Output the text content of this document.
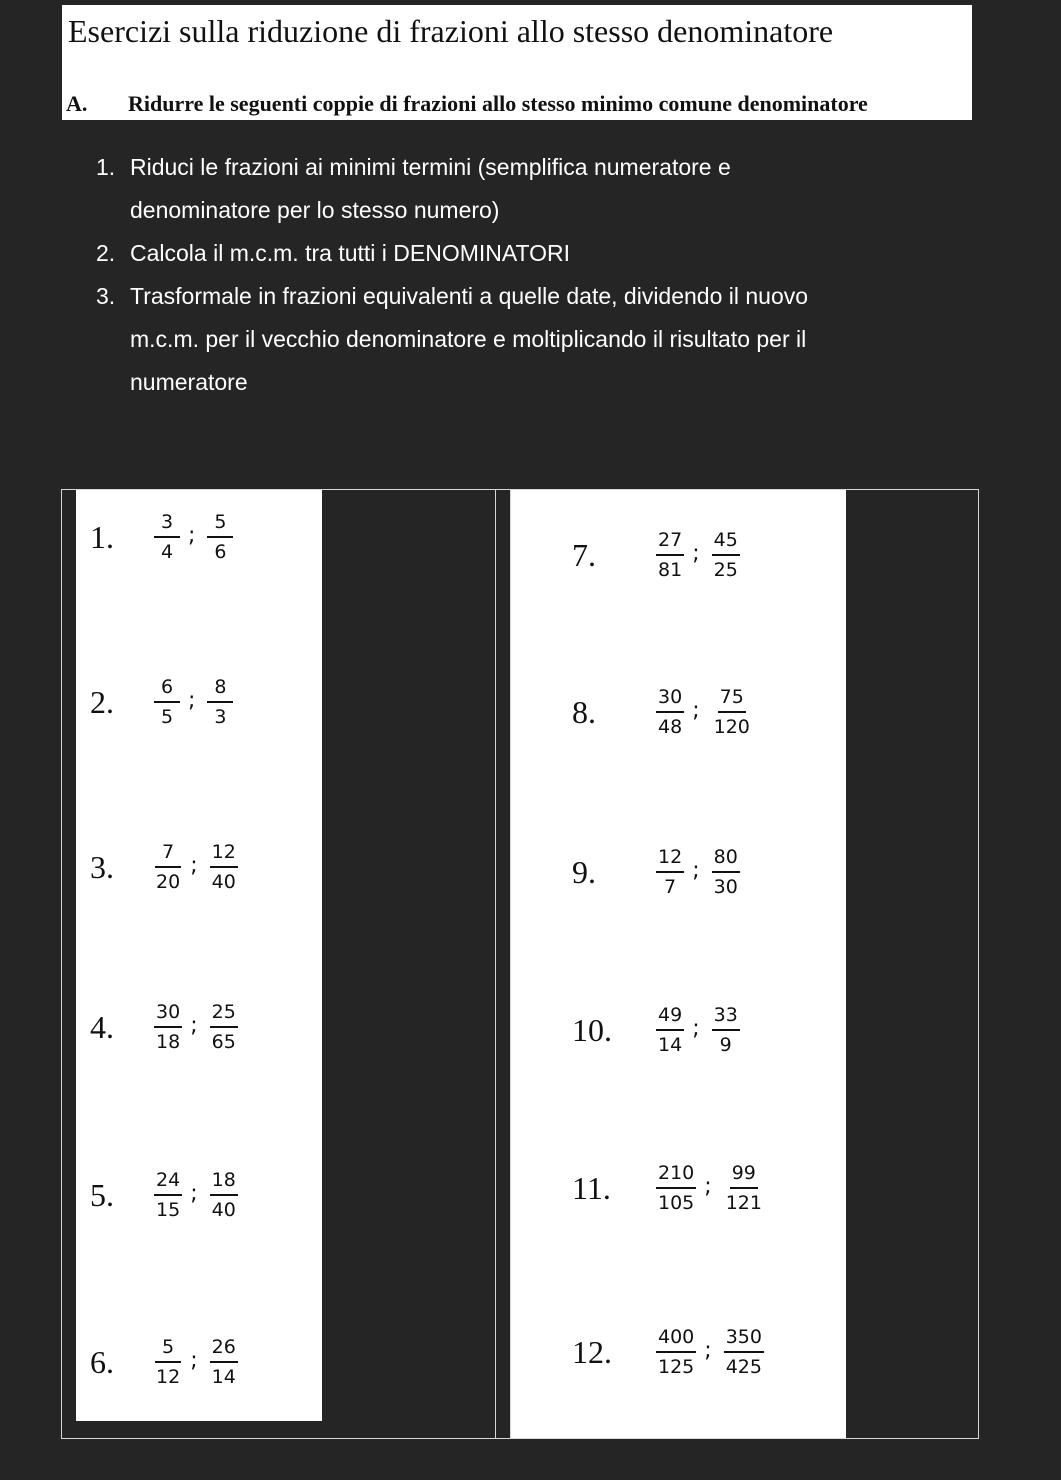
Esercizi sulla riduzione di frazioni allo stesso denominatore
A. Ridurre le seguenti coppie di frazioni allo stesso minimo comune denominatore
1. Riduci le frazioni ai minimi termini (semplifica numeratore e
denominatore per lo stesso numero)
2. Calcola il m.c.m. tra tutti i DENOMINATORI
3. Trasformale in frazioni equivalenti a quelle date, dividendo il nuovo
m.c.m. per il vecchio denominatore e moltiplicando il risultato per il
numeratore
1.	$\frac{3}{4}$ ; $\frac{5}{6}$
2.	$\frac{6}{5}$ ; $\frac{8}{3}$
3.	$\frac{7}{20}$ ; $\frac{12}{40}$
4.	$\frac{30}{18}$ ; $\frac{25}{65}$
5.	$\frac{24}{15}$ ; $\frac{18}{40}$
6.	$\frac{5}{12}$ ; $\frac{26}{14}$
7.	$\frac{27}{81}$ ; $\frac{45}{25}$
8.	$\frac{30}{48}$ ; $\frac{75}{120}$
9.	$\frac{12}{7}$ ; $\frac{80}{30}$
10.	$\frac{49}{14}$ ; $\frac{33}{9}$
11.	$\frac{210}{105}$ ; $\frac{99}{121}$
12.	$\frac{400}{125}$ ; $\frac{350}{425}$
